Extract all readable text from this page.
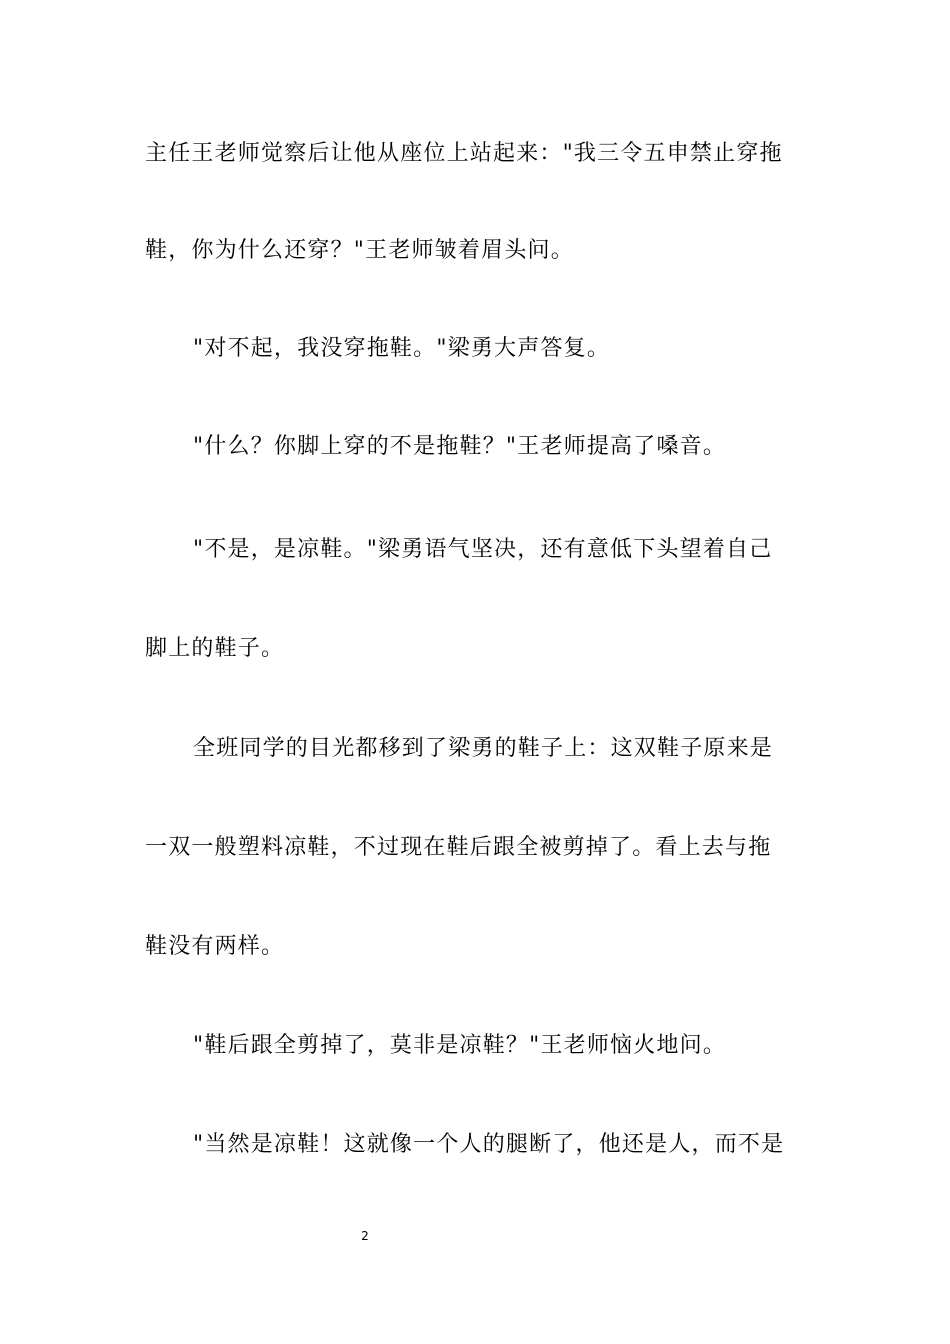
主任王老师觉察后让他从座位上站起来："我三令五申禁止穿拖
鞋，你为什么还穿？"王老师皱着眉头问。
"对不起，我没穿拖鞋。"梁勇大声答复。
"什么？你脚上穿的不是拖鞋？"王老师提高了嗓音。
"不是，是凉鞋。"梁勇语气坚决，还有意低下头望着自己
脚上的鞋子。
全班同学的目光都移到了梁勇的鞋子上：这双鞋子原来是
一双一般塑料凉鞋，不过现在鞋后跟全被剪掉了。看上去与拖
鞋没有两样。
"鞋后跟全剪掉了，莫非是凉鞋？"王老师恼火地问。
"当然是凉鞋！这就像一个人的腿断了，他还是人，而不是
2
